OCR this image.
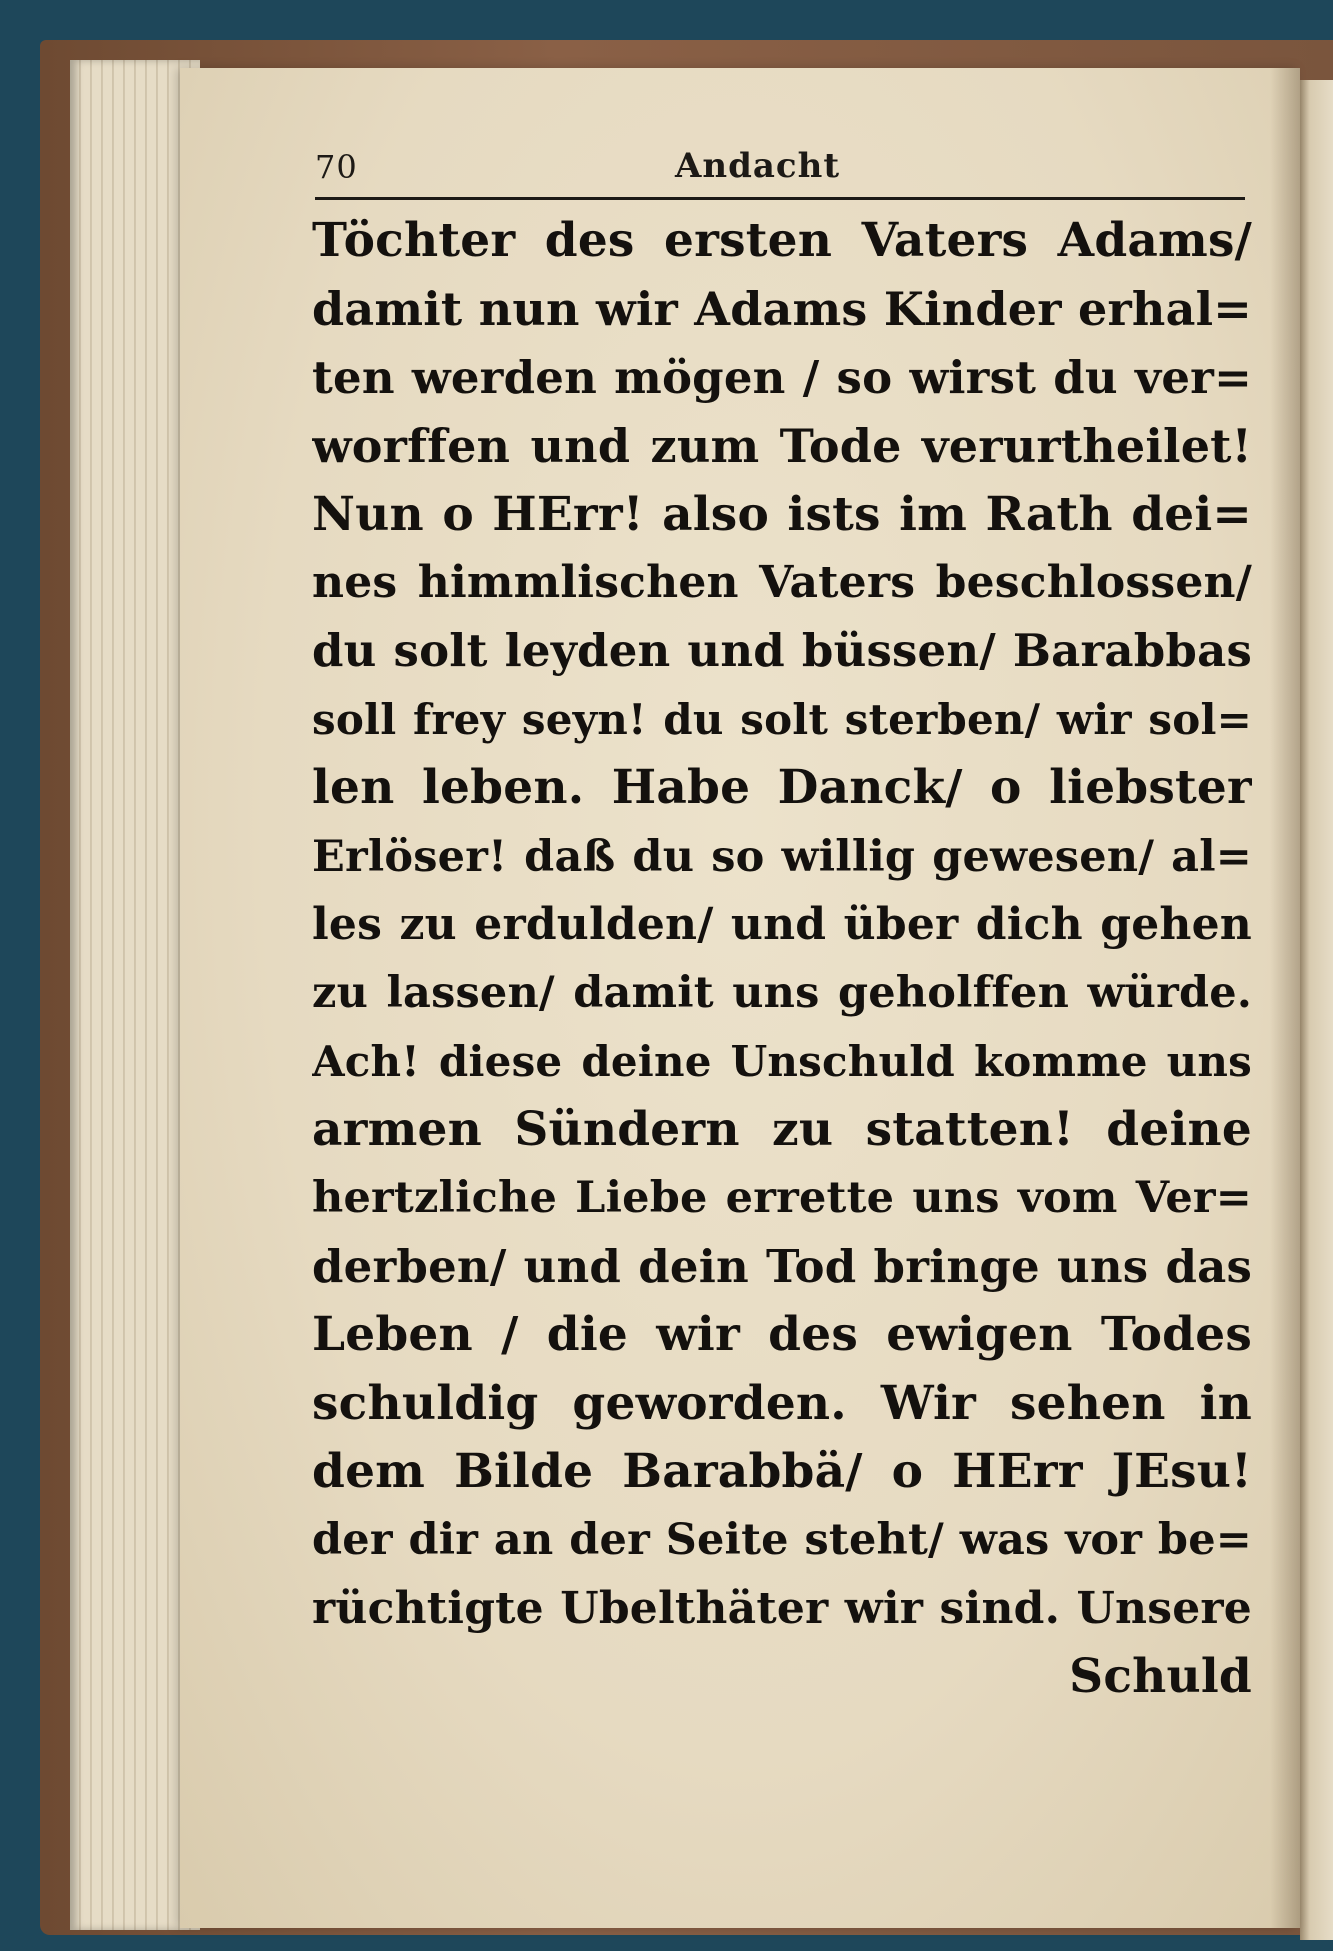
70	Andacht
Töchter des ersten Vaters Adams/
damit nun wir Adams Kinder erhal=
ten werden mögen / so wirst du ver=
worffen und zum Tode verurtheilet!
Nun o HErr! also ists im Rath dei=
nes himmlischen Vaters beschlossen/
du solt leyden und büssen/ Barabbas
soll frey seyn! du solt sterben/ wir sol=
len leben. Habe Danck/ o liebster
Erlöser! daß du so willig gewesen/ al=
les zu erdulden/ und über dich gehen
zu lassen/ damit uns geholffen würde.
Ach! diese deine Unschuld komme uns
armen Sündern zu statten! deine
hertzliche Liebe errette uns vom Ver=
derben/ und dein Tod bringe uns das
Leben / die wir des ewigen Todes
schuldig geworden. Wir sehen in
dem Bilde Barabbä/ o HErr JEsu!
der dir an der Seite steht/ was vor be=
rüchtigte Ubelthäter wir sind. Unsere
Schuld
